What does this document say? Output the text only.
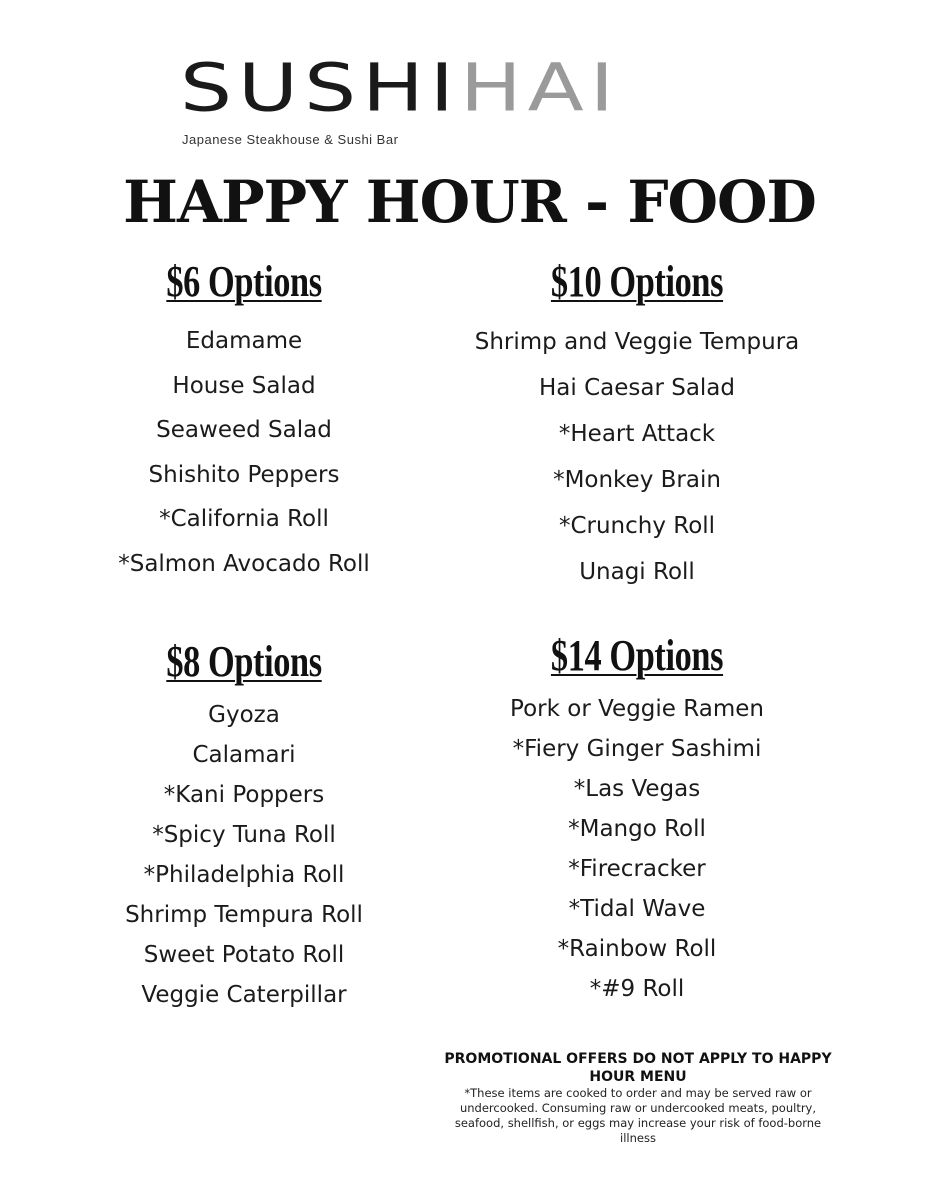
SUSHIHAI
Japanese Steakhouse & Sushi Bar
HAPPY HOUR - FOOD
$6 Options
Edamame
House Salad
Seaweed Salad
Shishito Peppers
*California Roll
*Salmon Avocado Roll
$10 Options
Shrimp and Veggie Tempura
Hai Caesar Salad
*Heart Attack
*Monkey Brain
*Crunchy Roll
Unagi Roll
$8 Options
Gyoza
Calamari
*Kani Poppers
*Spicy Tuna Roll
*Philadelphia Roll
Shrimp Tempura Roll
Sweet Potato Roll
Veggie Caterpillar
$14 Options
Pork or Veggie Ramen
*Fiery Ginger Sashimi
*Las Vegas
*Mango Roll
*Firecracker
*Tidal Wave
*Rainbow Roll
*#9 Roll
PROMOTIONAL OFFERS DO NOT APPLY TO HAPPY HOUR MENU
*These items are cooked to order and may be served raw or undercooked. Consuming raw or undercooked meats, poultry, seafood, shellfish, or eggs may increase your risk of food-borne illness
